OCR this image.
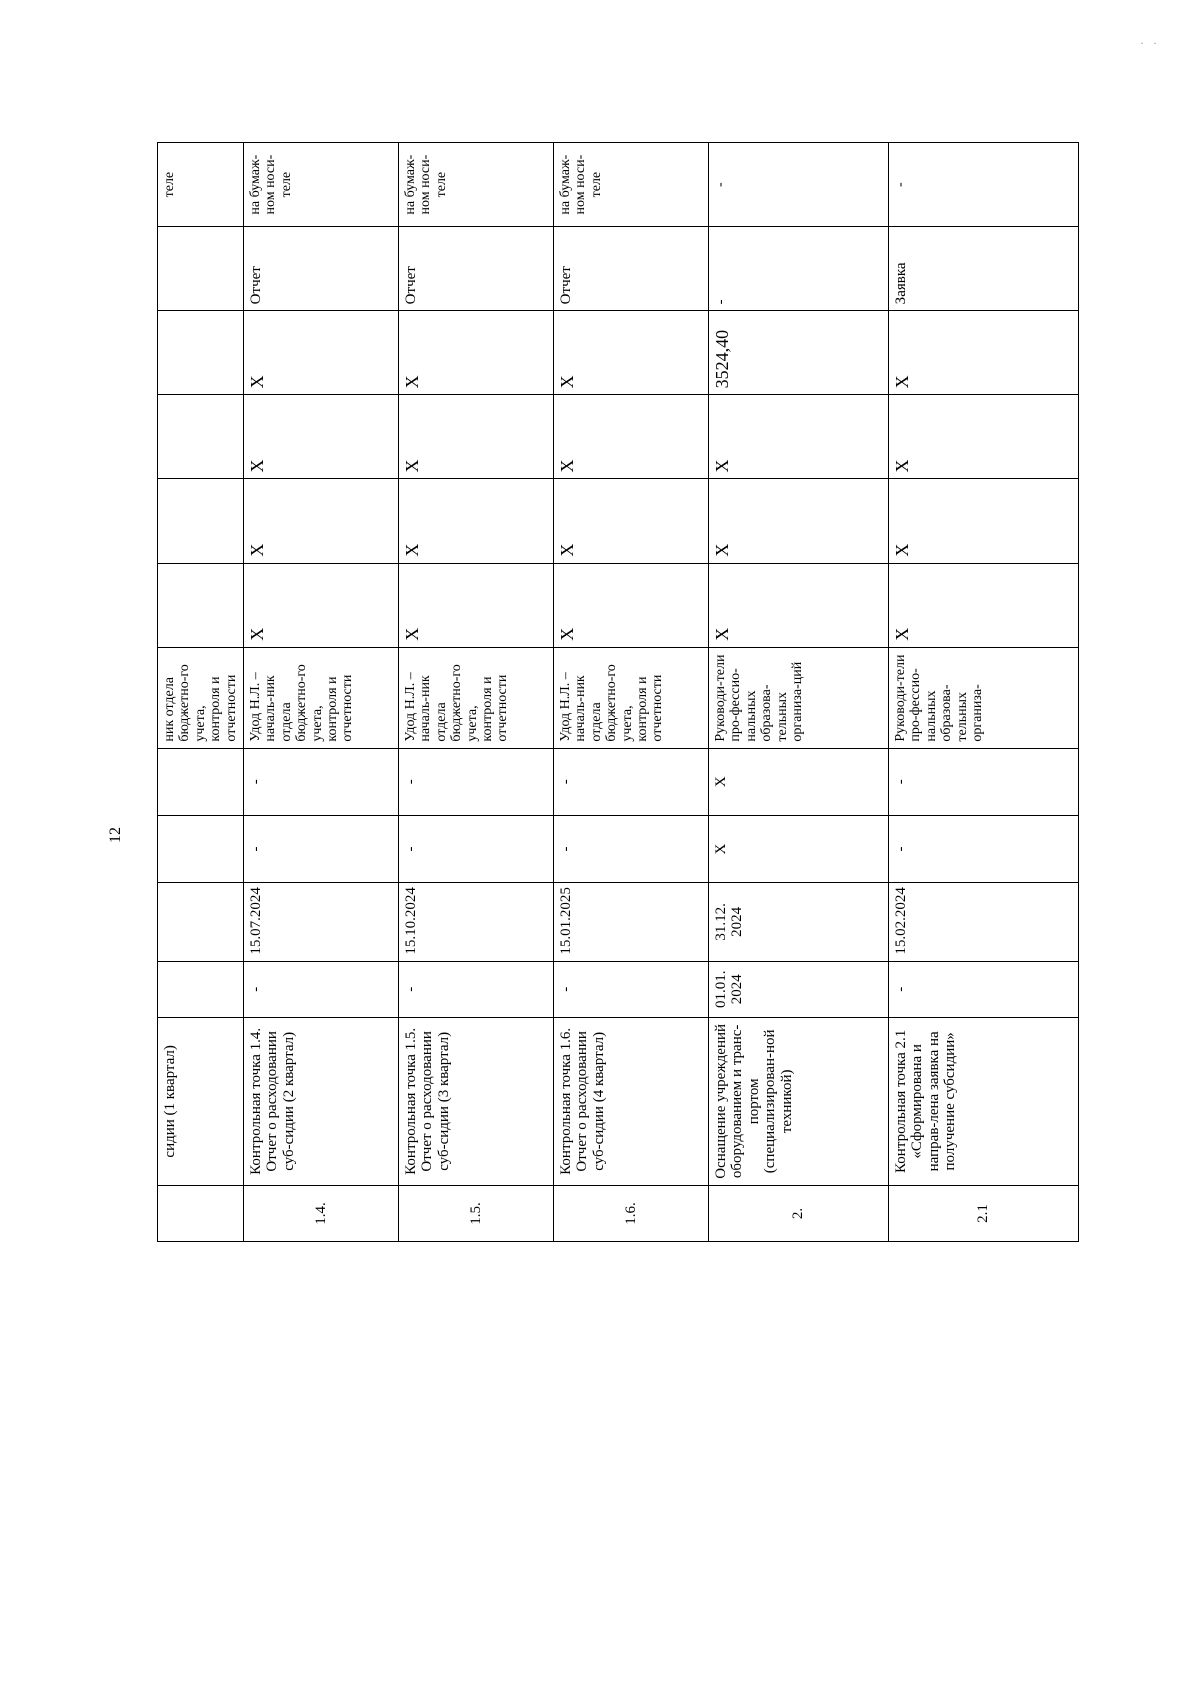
12
· ·
	сидии (1 квартал)					ник отдела бюджетно-го учета, контроля и отчетности						теле
1.4.	Контрольная точка 1.4. Отчет о расходовании суб-сидии (2 квартал)	-	15.07.2024	-	-	Удод Н.Л. – началь-ник отдела бюджетно-го учета, контроля и отчетности	X	X	X	X	Отчет	на бумаж-ном носи-теле
1.5.	Контрольная точка 1.5. Отчет о расходовании суб-сидии (3 квартал)	-	15.10.2024	-	-	Удод Н.Л. – началь-ник отдела бюджетно-го учета, контроля и отчетности	X	X	X	X	Отчет	на бумаж-ном носи-теле
1.6.	Контрольная точка 1.6. Отчет о расходовании суб-сидии (4 квартал)	-	15.01.2025	-	-	Удод Н.Л. – началь-ник отдела бюджетно-го учета, контроля и отчетности	X	X	X	X	Отчет	на бумаж-ном носи-теле
2.	Оснащение учреждений оборудованием и транс-портом (специализирован-ной техникой)	01.01. 2024	31.12. 2024	X	X	Руководи-тели про-фессио-нальных образова-тельных организа-ций	X	X	X	3524,40	-	-
2.1	Контрольная точка 2.1 «Сформирована и направ-лена заявка на получение субсидии»	-	15.02.2024	-	-	Руководи-тели про-фессио-нальных образова-тельных организа-	X	X	X	X	Заявка	-
